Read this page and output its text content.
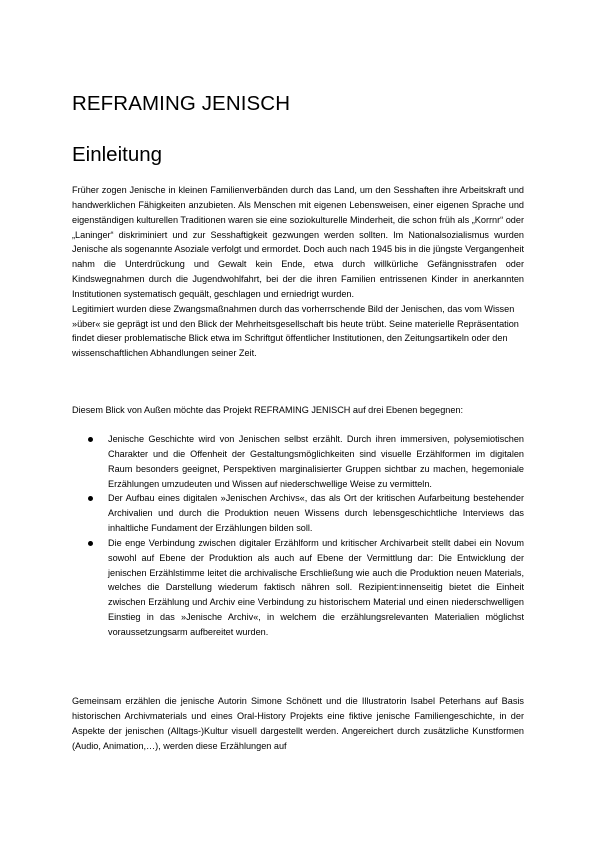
REFRAMING JENISCH
Einleitung

Früher zogen Jenische in kleinen Familienverbänden durch das Land, um den Sesshaften ihre Arbeitskraft und handwerklichen Fähigkeiten anzubieten. Als Menschen mit eigenen Lebensweisen, einer eigenen Sprache und eigenständigen kulturellen Traditionen waren sie eine soziokulturelle Minderheit, die schon früh als „Korrnr“ oder „Laninger“ diskriminiert und zur Sesshaftigkeit gezwungen werden sollten. Im Nationalsozialismus wurden Jenische als sogenannte Asoziale verfolgt und ermordet. Doch auch nach 1945 bis in die jüngste Vergangenheit nahm die Unterdrückung und Gewalt kein Ende, etwa durch willkürliche Gefängnisstrafen oder Kindswegnahmen durch die Jugendwohlfahrt, bei der die ihren Familien entrissenen Kinder in anerkannten Institutionen systematisch gequält, geschlagen und erniedrigt wurden.

Legitimiert wurden diese Zwangsmaßnahmen durch das vorherrschende Bild der Jenischen, das vom Wissen »über« sie geprägt ist und den Blick der Mehrheitsgesellschaft bis heute trübt. Seine materielle Repräsentation findet dieser problematische Blick etwa im Schriftgut öffentlicher Institutionen, den Zeitungsartikeln oder den wissenschaftlichen Abhandlungen seiner Zeit.

Diesem Blick von Außen möchte das Projekt REFRAMING JENISCH auf drei Ebenen begegnen:

Jenische Geschichte wird von Jenischen selbst erzählt. Durch ihren immersiven, polysemiotischen Charakter und die Offenheit der Gestaltungsmöglichkeiten sind visuelle Erzählformen im digitalen Raum besonders geeignet, Perspektiven marginalisierter Gruppen sichtbar zu machen, hegemoniale Erzählungen umzudeuten und Wissen auf niederschwellige Weise zu vermitteln.
Der Aufbau eines digitalen »Jenischen Archivs«, das als Ort der kritischen Aufarbeitung bestehender Archivalien und durch die Produktion neuen Wissens durch lebensgeschichtliche Interviews das inhaltliche Fundament der Erzählungen bilden soll.
Die enge Verbindung zwischen digitaler Erzählform und kritischer Archivarbeit stellt dabei ein Novum sowohl auf Ebene der Produktion als auch auf Ebene der Vermittlung dar: Die Entwicklung der jenischen Erzählstimme leitet die archivalische Erschließung wie auch die Produktion neuen Materials, welches die Darstellung wiederum faktisch nähren soll. Rezipient:innenseitig bietet die Einheit zwischen Erzählung und Archiv eine Verbindung zu historischem Material und einen niederschwelligen Einstieg in das »Jenische Archiv«, in welchem die erzählungsrelevanten Materialien möglichst voraussetzungsarm aufbereitet wurden.

Gemeinsam erzählen die jenische Autorin Simone Schönett und die Illustratorin Isabel Peterhans auf Basis historischen Archivmaterials und eines Oral-History Projekts eine fiktive jenische Familiengeschichte, in der Aspekte der jenischen (Alltags-)Kultur visuell dargestellt werden. Angereichert durch zusätzliche Kunstformen (Audio, Animation,…), werden diese Erzählungen auf
